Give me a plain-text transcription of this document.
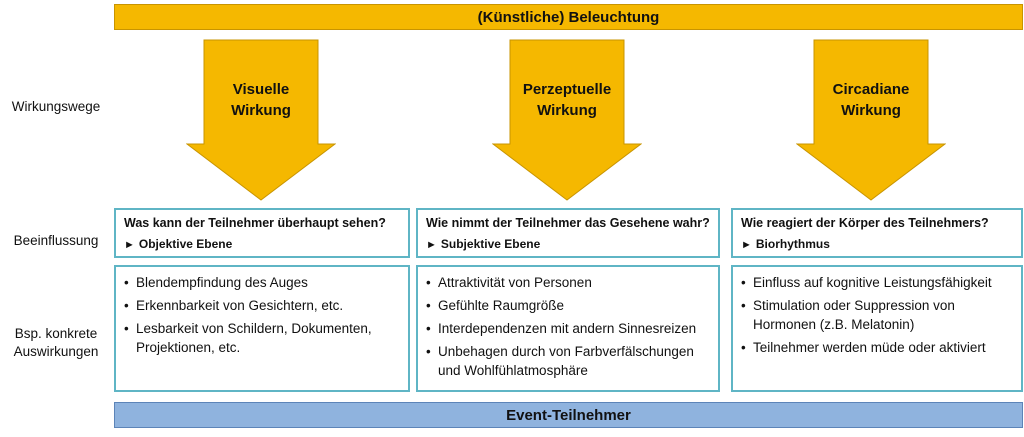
(Künstliche) Beleuchtung
Wirkungswege
Beeinflussung
Bsp. konkrete
Auswirkungen
Visuelle
Wirkung
Was kann der Teilnehmer überhaupt sehen?
► Objektive Ebene
• Blendempfindung des Auges
• Erkennbarkeit von Gesichtern, etc.
• Lesbarkeit von Schildern, Dokumenten, Projektionen, etc.
Perzeptuelle
Wirkung
Wie nimmt der Teilnehmer das Gesehene wahr?
► Subjektive Ebene
• Attraktivität von Personen
• Gefühlte Raumgröße
• Interdependenzen mit andern Sinnesreizen
• Unbehagen durch von Farbverfälschungen und Wohlfühlatmosphäre
Circadiane
Wirkung
Wie reagiert der Körper des Teilnehmers?
► Biorhythmus
• Einfluss auf kognitive Leistungsfähigkeit
• Stimulation oder Suppression von Hormonen (z.B. Melatonin)
• Teilnehmer werden müde oder aktiviert
Event-Teilnehmer
